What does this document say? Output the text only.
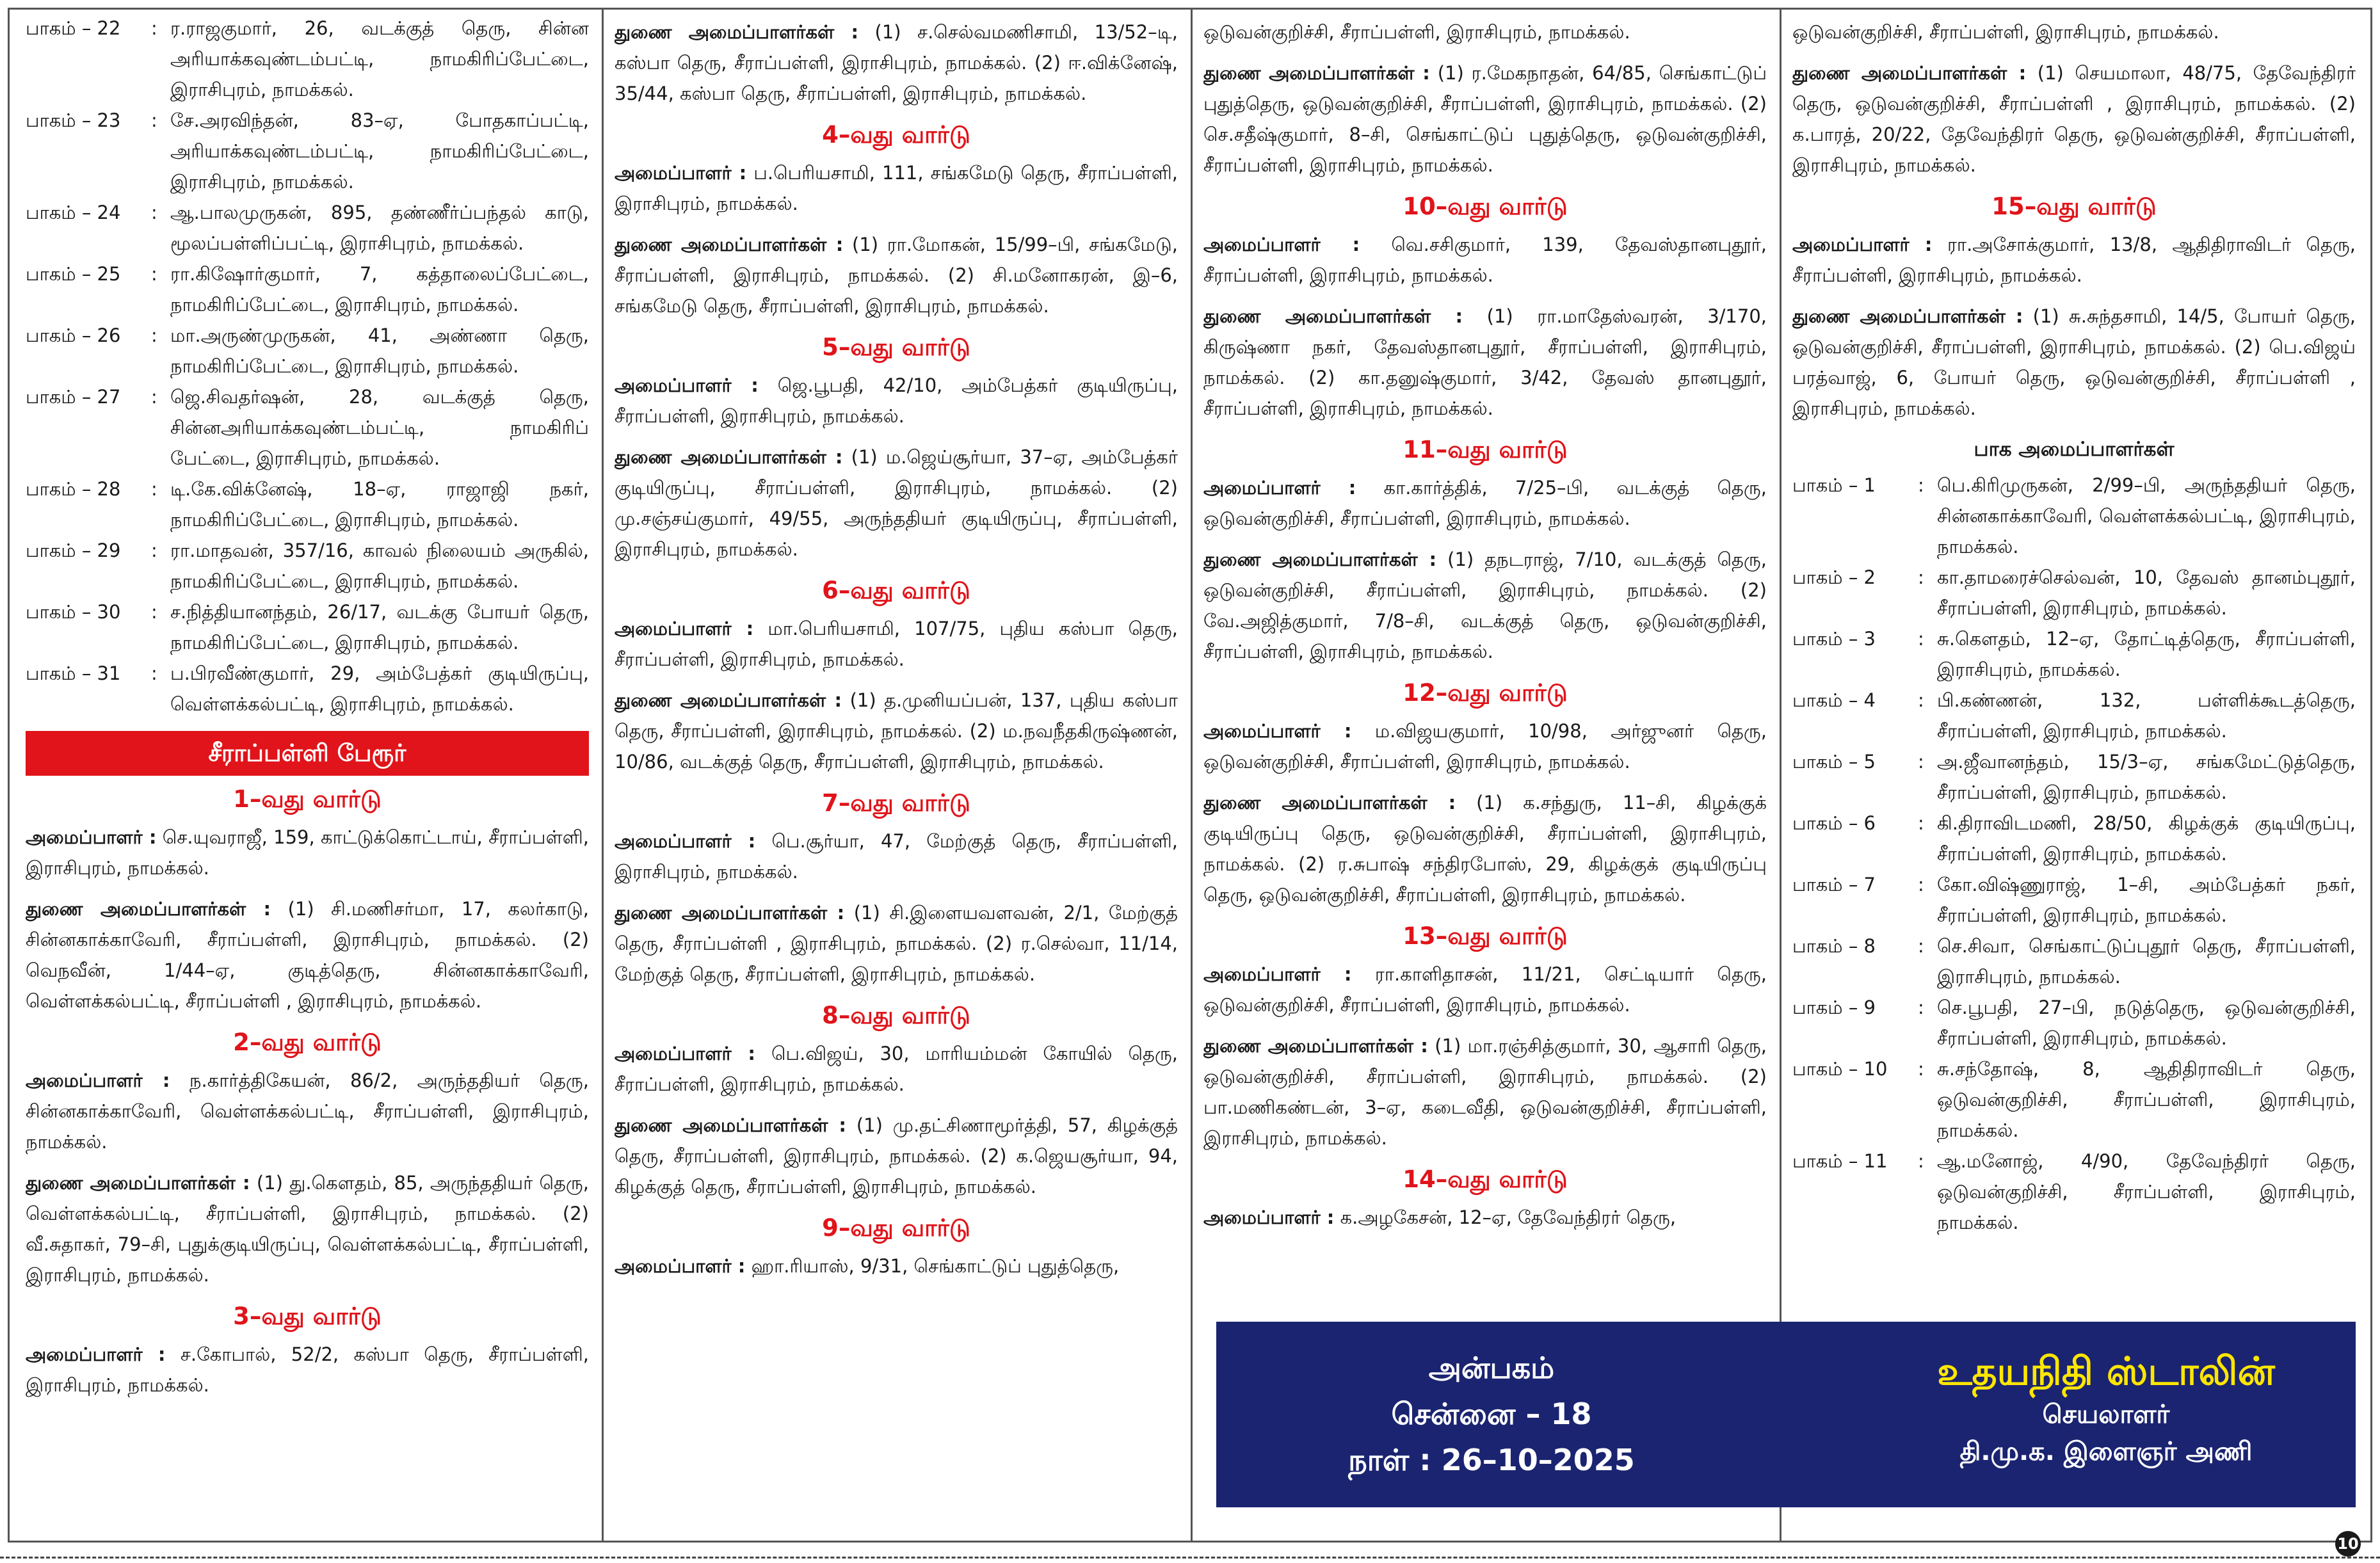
பாகம் – 22	: ர.ராஜகுமார், 26, வடக்குத் தெரு, சின்ன அரியாக்கவுண்டம்பட்டி, நாமகிரிப்பேட்டை, இராசிபுரம், நாமக்கல்.
பாகம் – 23	: சே.அரவிந்தன், 83–ஏ, போதகாப்பட்டி, அரியாக்கவுண்டம்பட்டி, நாமகிரிப்பேட்டை, இராசிபுரம், நாமக்கல்.
பாகம் – 24	: ஆ.பாலமுருகன், 895, தண்ணீர்ப்பந்தல் காடு, மூலப்பள்ளிப்பட்டி, இராசிபுரம், நாமக்கல்.
பாகம் – 25	: ரா.கிஷோர்குமார், 7, கத்தாலைப்பேட்டை, நாமகிரிப்பேட்டை, இராசிபுரம், நாமக்கல்.
பாகம் – 26	: மா.அருண்முருகன், 41, அண்ணா தெரு, நாமகிரிப்பேட்டை, இராசிபுரம், நாமக்கல்.
பாகம் – 27	: ஜெ.சிவதர்ஷன், 28, வடக்குத் தெரு, சின்னஅரியாக்கவுண்டம்பட்டி, நாமகிரிப் பேட்டை, இராசிபுரம், நாமக்கல்.
பாகம் – 28	: டி.கே.விக்னேஷ், 18–ஏ, ராஜாஜி நகர், நாமகிரிப்பேட்டை, இராசிபுரம், நாமக்கல்.
பாகம் – 29	: ரா.மாதவன், 357/16, காவல் நிலையம் அருகில், நாமகிரிப்பேட்டை, இராசிபுரம், நாமக்கல்.
பாகம் – 30	: ச.நித்தியானந்தம், 26/17, வடக்கு போயர் தெரு, நாமகிரிப்பேட்டை, இராசிபுரம், நாமக்கல்.
பாகம் – 31	: ப.பிரவீண்குமார், 29, அம்பேத்கர் குடியிருப்பு, வெள்ளக்கல்பட்டி, இராசிபுரம், நாமக்கல்.
சீராப்பள்ளி பேரூர்
1–வது வார்டு
அமைப்பாளர் : செ.யுவராஜீ, 159, காட்டுக்கொட்டாய், சீராப்பள்ளி, இராசிபுரம், நாமக்கல்.
துணை அமைப்பாளர்கள் : (1) சி.மணிசர்மா, 17, கலர்காடு, சின்னகாக்காவேரி, சீராப்பள்ளி, இராசிபுரம், நாமக்கல். (2) வெநவீன், 1/44–ஏ, குடித்தெரு, சின்னகாக்காவேரி, வெள்ளக்கல்பட்டி, சீராப்பள்ளி , இராசிபுரம், நாமக்கல்.
2–வது வார்டு
அமைப்பாளர் : ந.கார்த்திகேயன், 86/2, அருந்ததியர் தெரு, சின்னகாக்காவேரி, வெள்ளக்கல்பட்டி, சீராப்பள்ளி, இராசிபுரம், நாமக்கல்.
துணை அமைப்பாளர்கள் : (1) து.கௌதம், 85, அருந்ததியர் தெரு, வெள்ளக்கல்பட்டி, சீராப்பள்ளி, இராசிபுரம், நாமக்கல். (2) வீ.சுதாகர், 79–சி, புதுக்குடியிருப்பு, வெள்ளக்கல்பட்டி, சீராப்பள்ளி, இராசிபுரம், நாமக்கல்.
3–வது வார்டு
அமைப்பாளர் : ச.கோபால், 52/2, கஸ்பா தெரு, சீராப்பள்ளி, இராசிபுரம், நாமக்கல்.
துணை அமைப்பாளர்கள் : (1) ச.செல்வமணிசாமி, 13/52–டி, கஸ்பா தெரு, சீராப்பள்ளி, இராசிபுரம், நாமக்கல். (2) ஈ.விக்னேஷ், 35/44, கஸ்பா தெரு, சீராப்பள்ளி, இராசிபுரம், நாமக்கல்.
4–வது வார்டு
அமைப்பாளர் : ப.பெரியசாமி, 111, சங்கமேடு தெரு, சீராப்பள்ளி, இராசிபுரம், நாமக்கல்.
துணை அமைப்பாளர்கள் : (1) ரா.மோகன், 15/99–பி, சங்கமேடு, சீராப்பள்ளி, இராசிபுரம், நாமக்கல். (2) சி.மனோகரன், இ–6, சங்கமேடு தெரு, சீராப்பள்ளி, இராசிபுரம், நாமக்கல்.
5–வது வார்டு
அமைப்பாளர் : ஜெ.பூபதி, 42/10, அம்பேத்கர் குடியிருப்பு, சீராப்பள்ளி, இராசிபுரம், நாமக்கல்.
துணை அமைப்பாளர்கள் : (1) ம.ஜெய்சூர்யா, 37–ஏ, அம்பேத்கர் குடியிருப்பு, சீராப்பள்ளி, இராசிபுரம், நாமக்கல். (2) மு.சஞ்சய்குமார், 49/55, அருந்ததியர் குடியிருப்பு, சீராப்பள்ளி, இராசிபுரம், நாமக்கல்.
6–வது வார்டு
அமைப்பாளர் : மா.பெரியசாமி, 107/75, புதிய கஸ்பா தெரு, சீராப்பள்ளி, இராசிபுரம், நாமக்கல்.
துணை அமைப்பாளர்கள் : (1) த.முனியப்பன், 137, புதிய கஸ்பா தெரு, சீராப்பள்ளி, இராசிபுரம், நாமக்கல். (2) ம.நவநீதகிருஷ்ணன், 10/86, வடக்குத் தெரு, சீராப்பள்ளி, இராசிபுரம், நாமக்கல்.
7–வது வார்டு
அமைப்பாளர் : பெ.சூர்யா, 47, மேற்குத் தெரு, சீராப்பள்ளி, இராசிபுரம், நாமக்கல்.
துணை அமைப்பாளர்கள் : (1) சி.இளையவளவன், 2/1, மேற்குத் தெரு, சீராப்பள்ளி , இராசிபுரம், நாமக்கல். (2) ர.செல்வா, 11/14, மேற்குத் தெரு, சீராப்பள்ளி, இராசிபுரம், நாமக்கல்.
8–வது வார்டு
அமைப்பாளர் : பெ.விஜய், 30, மாரியம்மன் கோயில் தெரு, சீராப்பள்ளி, இராசிபுரம், நாமக்கல்.
துணை அமைப்பாளர்கள் : (1) மு.தட்சிணாமூர்த்தி, 57, கிழக்குத் தெரு, சீராப்பள்ளி, இராசிபுரம், நாமக்கல். (2) க.ஜெயசூர்யா, 94, கிழக்குத் தெரு, சீராப்பள்ளி, இராசிபுரம், நாமக்கல்.
9–வது வார்டு
அமைப்பாளர் : ஹா.ரியாஸ், 9/31, செங்காட்டுப் புதுத்தெரு,
ஒடுவன்குறிச்சி, சீராப்பள்ளி, இராசிபுரம், நாமக்கல்.
துணை அமைப்பாளர்கள் : (1) ர.மேகநாதன், 64/85, செங்காட்டுப் புதுத்தெரு, ஒடுவன்குறிச்சி, சீராப்பள்ளி, இராசிபுரம், நாமக்கல். (2) செ.சதீஷ்குமார், 8–சி, செங்காட்டுப் புதுத்தெரு, ஒடுவன்குறிச்சி, சீராப்பள்ளி, இராசிபுரம், நாமக்கல்.
10–வது வார்டு
அமைப்பாளர் : வெ.சசிகுமார், 139, தேவஸ்தானபுதூர், சீராப்பள்ளி, இராசிபுரம், நாமக்கல்.
துணை அமைப்பாளர்கள் : (1) ரா.மாதேஸ்வரன், 3/170, கிருஷ்ணா நகர், தேவஸ்தானபுதூர், சீராப்பள்ளி, இராசிபுரம், நாமக்கல். (2) கா.தனுஷ்குமார், 3/42, தேவஸ் தானபுதூர், சீராப்பள்ளி, இராசிபுரம், நாமக்கல்.
11–வது வார்டு
அமைப்பாளர் : கா.கார்த்திக், 7/25–பி, வடக்குத் தெரு, ஒடுவன்குறிச்சி, சீராப்பள்ளி, இராசிபுரம், நாமக்கல்.
துணை அமைப்பாளர்கள் : (1) தநடராஜ், 7/10, வடக்குத் தெரு, ஒடுவன்குறிச்சி, சீராப்பள்ளி, இராசிபுரம், நாமக்கல். (2) வே.அஜித்குமார், 7/8–சி, வடக்குத் தெரு, ஒடுவன்குறிச்சி, சீராப்பள்ளி, இராசிபுரம், நாமக்கல்.
12–வது வார்டு
அமைப்பாளர் : ம.விஜயகுமார், 10/98, அர்ஜுனர் தெரு, ஒடுவன்குறிச்சி, சீராப்பள்ளி, இராசிபுரம், நாமக்கல்.
துணை அமைப்பாளர்கள் : (1) க.சந்துரு, 11–சி, கிழக்குக் குடியிருப்பு தெரு, ஒடுவன்குறிச்சி, சீராப்பள்ளி, இராசிபுரம், நாமக்கல். (2) ர.சுபாஷ் சந்திரபோஸ், 29, கிழக்குக் குடியிருப்பு தெரு, ஒடுவன்குறிச்சி, சீராப்பள்ளி, இராசிபுரம், நாமக்கல்.
13–வது வார்டு
அமைப்பாளர் : ரா.காளிதாசன், 11/21, செட்டியார் தெரு, ஒடுவன்குறிச்சி, சீராப்பள்ளி, இராசிபுரம், நாமக்கல்.
துணை அமைப்பாளர்கள் : (1) மா.ரஞ்சித்குமார், 30, ஆசாரி தெரு, ஒடுவன்குறிச்சி, சீராப்பள்ளி, இராசிபுரம், நாமக்கல். (2) பா.மணிகண்டன், 3–ஏ, கடைவீதி, ஒடுவன்குறிச்சி, சீராப்பள்ளி, இராசிபுரம், நாமக்கல்.
14–வது வார்டு
அமைப்பாளர் : க.அழகேசன், 12–ஏ, தேவேந்திரர் தெரு,
ஒடுவன்குறிச்சி, சீராப்பள்ளி, இராசிபுரம், நாமக்கல்.
துணை அமைப்பாளர்கள் : (1) செயமாலா, 48/75, தேவேந்திரர் தெரு, ஒடுவன்குறிச்சி, சீராப்பள்ளி , இராசிபுரம், நாமக்கல். (2) க.பாரத், 20/22, தேவேந்திரர் தெரு, ஒடுவன்குறிச்சி, சீராப்பள்ளி, இராசிபுரம், நாமக்கல்.
15–வது வார்டு
அமைப்பாளர் : ரா.அசோக்குமார், 13/8, ஆதிதிராவிடர் தெரு, சீராப்பள்ளி, இராசிபுரம், நாமக்கல்.
துணை அமைப்பாளர்கள் : (1) சு.சுந்தசாமி, 14/5, போயர் தெரு, ஒடுவன்குறிச்சி, சீராப்பள்ளி, இராசிபுரம், நாமக்கல். (2) பெ.விஜய் பரத்வாஜ், 6, போயர் தெரு, ஒடுவன்குறிச்சி, சீராப்பள்ளி , இராசிபுரம், நாமக்கல்.
பாக அமைப்பாளர்கள்
பாகம் – 1	: பெ.கிரிமுருகன், 2/99–பி, அருந்ததியர் தெரு, சின்னகாக்காவேரி, வெள்ளக்கல்பட்டி, இராசிபுரம், நாமக்கல்.
பாகம் – 2	: கா.தாமரைச்செல்வன், 10, தேவஸ் தானம்புதூர், சீராப்பள்ளி, இராசிபுரம், நாமக்கல்.
பாகம் – 3	: சு.கௌதம், 12–ஏ, தோட்டித்தெரு, சீராப்பள்ளி, இராசிபுரம், நாமக்கல்.
பாகம் – 4	: பி.கண்ணன், 132, பள்ளிக்கூடத்தெரு, சீராப்பள்ளி, இராசிபுரம், நாமக்கல்.
பாகம் – 5	: அ.ஜீவானந்தம், 15/3–ஏ, சங்கமேட்டுத்தெரு, சீராப்பள்ளி, இராசிபுரம், நாமக்கல்.
பாகம் – 6	: கி.திராவிடமணி, 28/50, கிழக்குக் குடியிருப்பு, சீராப்பள்ளி, இராசிபுரம், நாமக்கல்.
பாகம் – 7	: கோ.விஷ்ணுராஜ், 1–சி, அம்பேத்கர் நகர், சீராப்பள்ளி, இராசிபுரம், நாமக்கல்.
பாகம் – 8	: செ.சிவா, செங்காட்டுப்புதூர் தெரு, சீராப்பள்ளி, இராசிபுரம், நாமக்கல்.
பாகம் – 9	: செ.பூபதி, 27–பி, நடுத்தெரு, ஒடுவன்குறிச்சி, சீராப்பள்ளி, இராசிபுரம், நாமக்கல்.
பாகம் – 10	: சு.சந்தோஷ், 8, ஆதிதிராவிடர் தெரு, ஒடுவன்குறிச்சி, சீராப்பள்ளி, இராசிபுரம், நாமக்கல்.
பாகம் – 11	: ஆ.மனோஜ், 4/90, தேவேந்திரர் தெரு, ஒடுவன்குறிச்சி, சீராப்பள்ளி, இராசிபுரம், நாமக்கல்.
அன்பகம்
சென்னை – 18
நாள் : 26–10–2025
உதயநிதி ஸ்டாலின்
செயலாளர்
தி.மு.க. இளைஞர் அணி
10
